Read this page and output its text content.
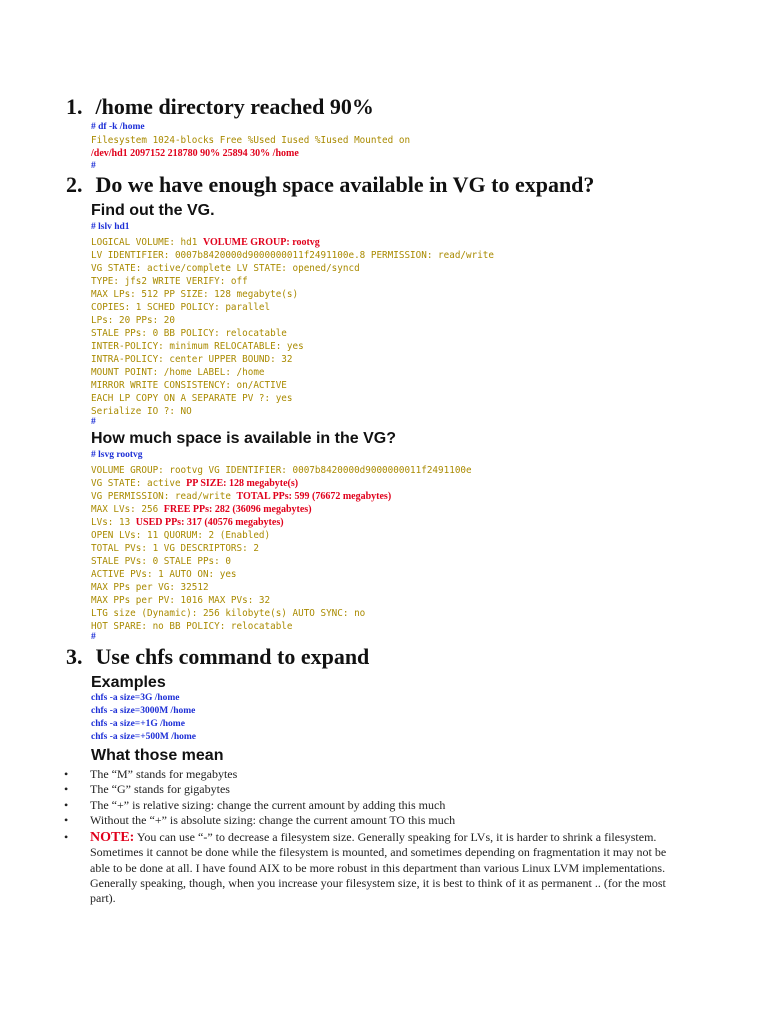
1. /home directory reached 90%
# df -k /home
Filesystem 1024-blocks Free %Used Iused %Iused Mounted on
/dev/hd1 2097152 218780 90% 25894 30% /home
#
2. Do we have enough space available in VG to expand?
Find out the VG.
# lslv hd1
LOGICAL VOLUME: hd1 VOLUME GROUP: rootvg
LV IDENTIFIER: 0007b8420000d9000000011f2491100e.8 PERMISSION: read/write
VG STATE: active/complete LV STATE: opened/syncd
TYPE: jfs2 WRITE VERIFY: off
MAX LPs: 512 PP SIZE: 128 megabyte(s)
COPIES: 1 SCHED POLICY: parallel
LPs: 20 PPs: 20
STALE PPs: 0 BB POLICY: relocatable
INTER-POLICY: minimum RELOCATABLE: yes
INTRA-POLICY: center UPPER BOUND: 32
MOUNT POINT: /home LABEL: /home
MIRROR WRITE CONSISTENCY: on/ACTIVE
EACH LP COPY ON A SEPARATE PV ?: yes
Serialize IO ?: NO
#
How much space is available in the VG?
# lsvg rootvg
VOLUME GROUP: rootvg VG IDENTIFIER: 0007b8420000d9000000011f2491100e
VG STATE: active PP SIZE: 128 megabyte(s)
VG PERMISSION: read/write TOTAL PPs: 599 (76672 megabytes)
MAX LVs: 256 FREE PPs: 282 (36096 megabytes)
LVs: 13 USED PPs: 317 (40576 megabytes)
OPEN LVs: 11 QUORUM: 2 (Enabled)
TOTAL PVs: 1 VG DESCRIPTORS: 2
STALE PVs: 0 STALE PPs: 0
ACTIVE PVs: 1 AUTO ON: yes
MAX PPs per VG: 32512
MAX PPs per PV: 1016 MAX PVs: 32
LTG size (Dynamic): 256 kilobyte(s) AUTO SYNC: no
HOT SPARE: no BB POLICY: relocatable
#
3. Use chfs command to expand
Examples
chfs -a size=3G /home
chfs -a size=3000M /home
chfs -a size=+1G /home
chfs -a size=+500M /home
What those mean
• The “M” stands for megabytes
• The “G” stands for gigabytes
• The “+” is relative sizing: change the current amount by adding this much
• Without the “+” is absolute sizing: change the current amount TO this much
• NOTE: You can use “-” to decrease a filesystem size. Generally speaking for LVs, it is harder to shrink a filesystem. Sometimes it cannot be done while the filesystem is mounted, and sometimes depending on fragmentation it may not be able to be done at all. I have found AIX to be more robust in this department than various Linux LVM implementations. Generally speaking, though, when you increase your filesystem size, it is best to think of it as permanent .. (for the most part).
